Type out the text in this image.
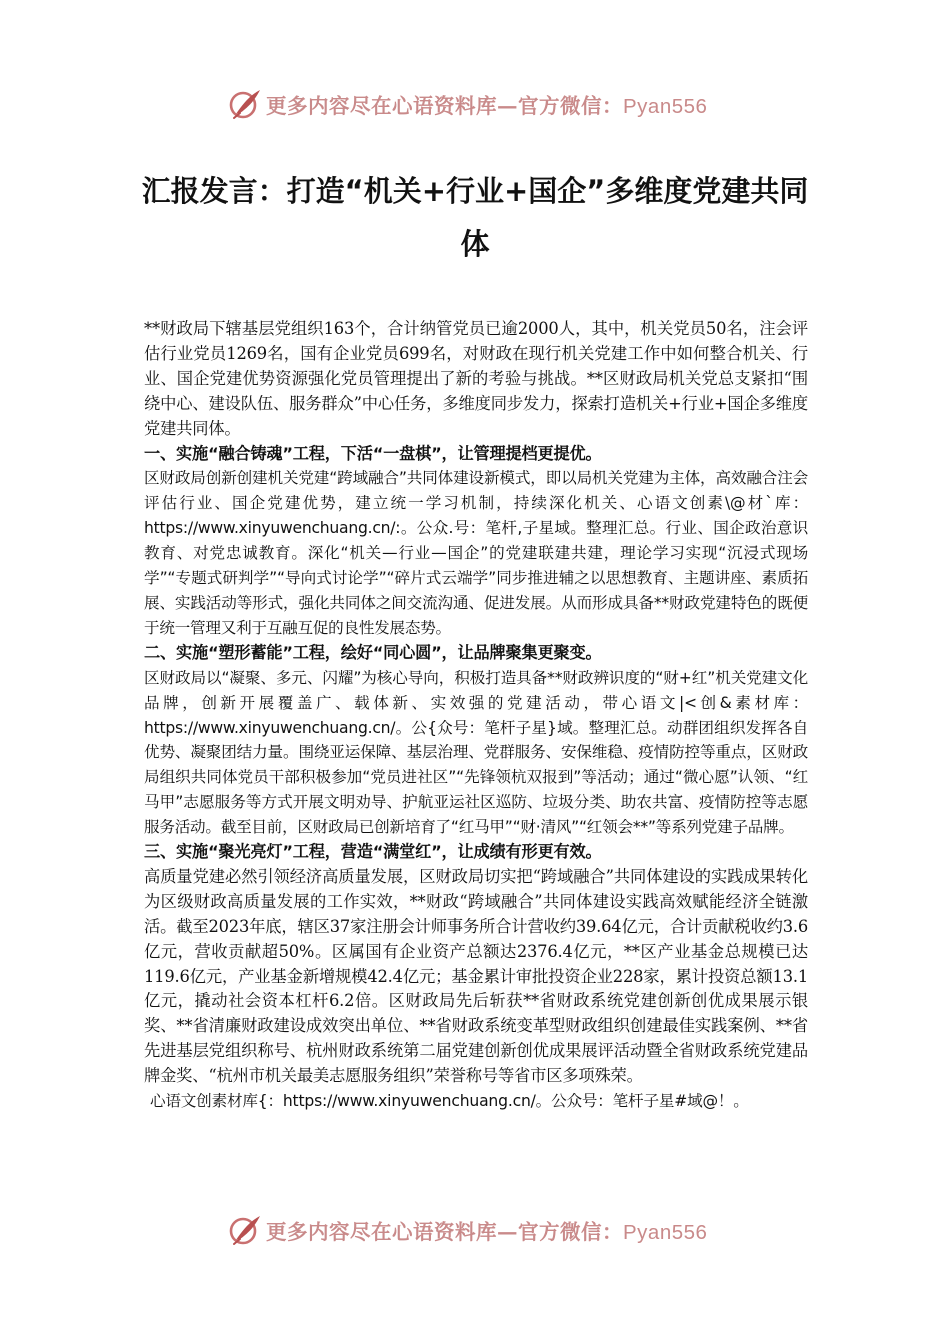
更多内容尽在心语资料库—官方微信：Pyan556
汇报发言：打造“机关+行业+国企”多维度党建共同体

**财政局下辖基层党组织163个，合计纳管党员已逾2000人，其中，机关党员50名，注会评估行业党员1269名，国有企业党员699名，对财政在现行机关党建工作中如何整合机关、行业、国企党建优势资源强化党员管理提出了新的考验与挑战。**区财政局机关党总支紧扣“围绕中心、建设队伍、服务群众”中心任务，多维度同步发力，探索打造机关+行业+国企多维度党建共同体。

一、实施“融合铸魂”工程，下活“一盘棋”，让管理提档更提优。

区财政局创新创建机关党建“跨域融合”共同体建设新模式，即以局机关党建为主体，高效融合注会评估行业、国企党建优势，建立统一学习机制，持续深化机关、心语文创素\@材`库：https://www.xinyuwenchuang.cn/:。公众.号：笔杆,子星域。整理汇总。行业、国企政治意识教育、对党忠诚教育。深化“机关—行业—国企”的党建联建共建，理论学习实现“沉浸式现场学”“专题式研判学”“导向式讨论学”“碎片式云端学”同步推进辅之以思想教育、主题讲座、素质拓展、实践活动等形式，强化共同体之间交流沟通、促进发展。从而形成具备**财政党建特色的既便于统一管理又利于互融互促的良性发展态势。

二、实施“塑形蓄能”工程，绘好“同心圆”，让品牌聚集更聚变。

区财政局以“凝聚、多元、闪耀”为核心导向，积极打造具备**财政辨识度的“财+红”机关党建文化品牌，创新开展覆盖广、载体新、实效强的党建活动，带心语文|<创&素材库：https://www.xinyuwenchuang.cn/。公{众号：笔杆子星}域。整理汇总。动群团组织发挥各自优势、凝聚团结力量。围绕亚运保障、基层治理、党群服务、安保维稳、疫情防控等重点，区财政局组织共同体党员干部积极参加“党员进社区”“先锋领杭双报到”等活动；通过“微心愿”认领、“红马甲”志愿服务等方式开展文明劝导、护航亚运社区巡防、垃圾分类、助农共富、疫情防控等志愿服务活动。截至目前，区财政局已创新培育了“红马甲”“财·清风”“红领会**”等系列党建子品牌。

三、实施“聚光亮灯”工程，营造“满堂红”，让成绩有形更有效。

高质量党建必然引领经济高质量发展，区财政局切实把“跨域融合”共同体建设的实践成果转化为区级财政高质量发展的工作实效，**财政“跨域融合”共同体建设实践高效赋能经济全链激活。截至2023年底，辖区37家注册会计师事务所合计营收约39.64亿元，合计贡献税收约3.6亿元，营收贡献超50%。区属国有企业资产总额达2376.4亿元，**区产业基金总规模已达119.6亿元，产业基金新增规模42.4亿元；基金累计审批投资企业228家，累计投资总额13.1亿元，撬动社会资本杠杆6.2倍。区财政局先后斩获**省财政系统党建创新创优成果展示银奖、**省清廉财政建设成效突出单位、**省财政系统变革型财政组织创建最佳实践案例、**省先进基层党组织称号、杭州财政系统第二届党建创新创优成果展评活动暨全省财政系统党建品牌金奖、“杭州市机关最美志愿服务组织”荣誉称号等省市区多项殊荣。

心语文创素材库{：https://www.xinyuwenchuang.cn/。公众号：笔杆子星#域@！。

更多内容尽在心语资料库—官方微信：Pyan556
